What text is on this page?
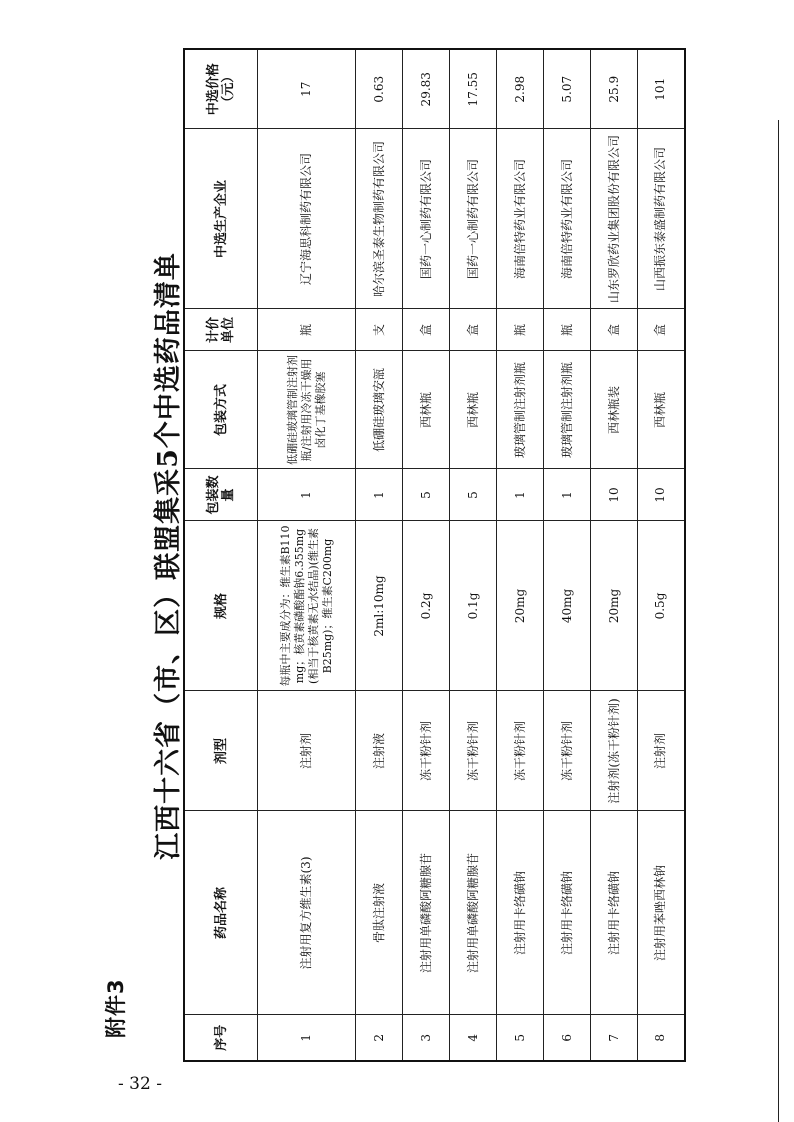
- 32 -
附件3
江西十六省（市、区）联盟集采5个中选药品清单
序号	药品名称	剂型	规格	包装数量	包装方式	计价单位	中选生产企业	中选价格（元）
1	注射用复方维生素(3)	注射剂	每瓶中主要成分为：维生素B110mg；核黄素磷酸酯钠6.355mg(相当于核黄素无水结晶)(维生素B25mg)；维生素C200mg	1	低硼硅玻璃管制注射剂瓶/注射用冷冻干燥用卤化丁基橡胶塞	瓶	辽宁海思科制药有限公司	17
2	骨肽注射液	注射液	2ml:10mg	1	低硼硅玻璃安瓿	支	哈尔滨圣泰生物制药有限公司	0.63
3	注射用单磷酸阿糖腺苷	冻干粉针剂	0.2g	5	西林瓶	盒	国药一心制药有限公司	29.83
4	注射用单磷酸阿糖腺苷	冻干粉针剂	0.1g	5	西林瓶	盒	国药一心制药有限公司	17.55
5	注射用卡络磺钠	冻干粉针剂	20mg	1	玻璃管制注射剂瓶	瓶	海南倍特药业有限公司	2.98
6	注射用卡络磺钠	冻干粉针剂	40mg	1	玻璃管制注射剂瓶	瓶	海南倍特药业有限公司	5.07
7	注射用卡络磺钠	注射剂(冻干粉针剂)	20mg	10	西林瓶装	盒	山东罗欣药业集团股份有限公司	25.9
8	注射用苯唑西林钠	注射剂	0.5g	10	西林瓶	盒	山西振东泰盛制药有限公司	101
